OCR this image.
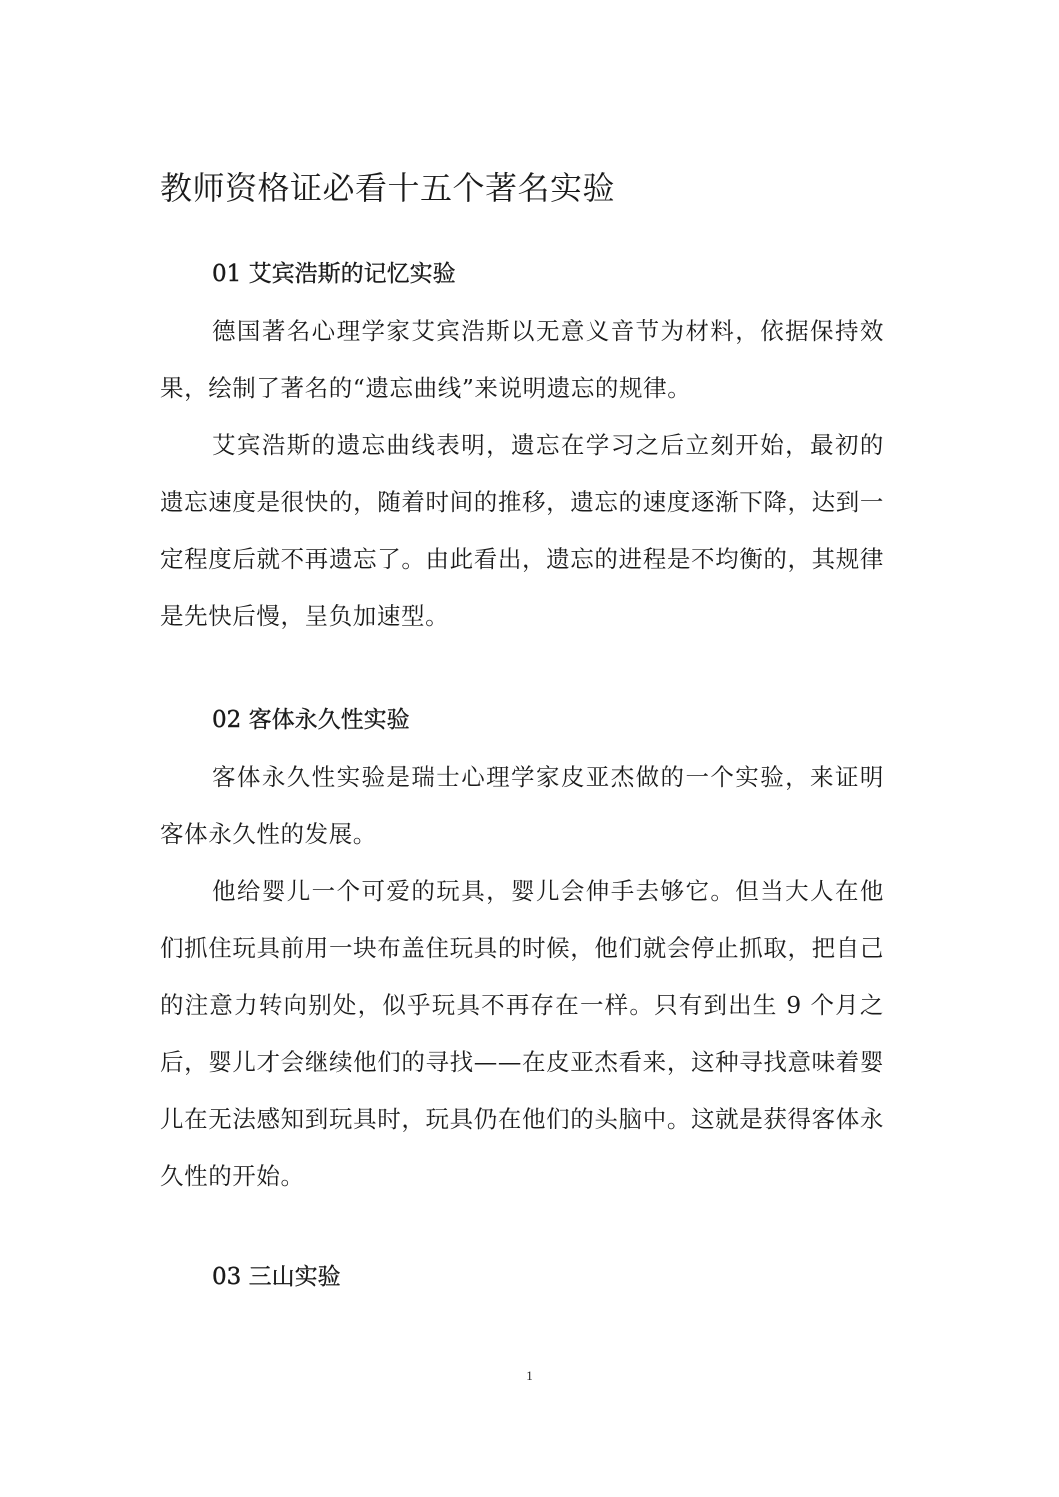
教师资格证必看十五个著名实验
01 艾宾浩斯的记忆实验

德国著名心理学家艾宾浩斯以无意义音节为材料，依据保持效果，绘制了著名的“遗忘曲线”来说明遗忘的规律。

艾宾浩斯的遗忘曲线表明，遗忘在学习之后立刻开始，最初的遗忘速度是很快的，随着时间的推移，遗忘的速度逐渐下降，达到一定程度后就不再遗忘了。由此看出，遗忘的进程是不均衡的，其规律是先快后慢，呈负加速型。

02 客体永久性实验

客体永久性实验是瑞士心理学家皮亚杰做的一个实验，来证明客体永久性的发展。

他给婴儿一个可爱的玩具，婴儿会伸手去够它。但当大人在他们抓住玩具前用一块布盖住玩具的时候，他们就会停止抓取，把自己的注意力转向别处，似乎玩具不再存在一样。只有到出生 9 个月之后，婴儿才会继续他们的寻找——在皮亚杰看来，这种寻找意味着婴儿在无法感知到玩具时，玩具仍在他们的头脑中。这就是获得客体永久性的开始。

03 三山实验
1
